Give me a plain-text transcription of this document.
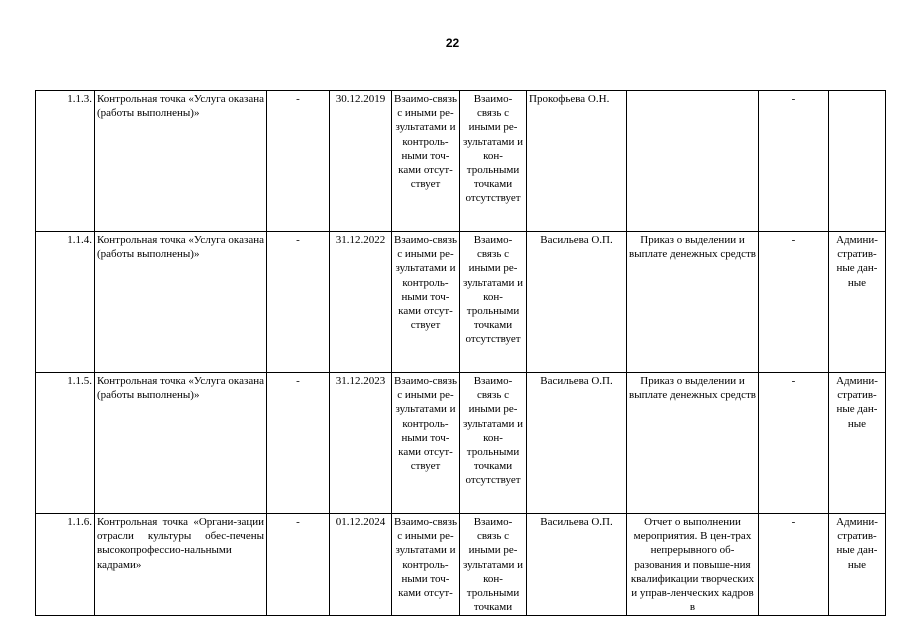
22
1.1.3.	Контрольная точка «Услуга оказана (работы выполнены)»	-	30.12.2019	Взаимо-связь с иными ре-зультатами и контроль-ными точ-ками отсут-ствует	Взаимо-связь с иными ре-зультатами и кон-трольными точками отсутствует	Прокофьева О.Н.		-	
1.1.4.	Контрольная точка «Услуга оказана (работы выполнены)»	-	31.12.2022	Взаимо-связь с иными ре-зультатами и контроль-ными точ-ками отсут-ствует	Взаимо-связь с иными ре-зультатами и кон-трольными точками отсутствует	Васильева О.П.	Приказ о выделении и выплате денежных средств	-	Админи-стратив-ные дан-ные
1.1.5.	Контрольная точка «Услуга оказана (работы выполнены)»	-	31.12.2023	Взаимо-связь с иными ре-зультатами и контроль-ными точ-ками отсут-ствует	Взаимо-связь с иными ре-зультатами и кон-трольными точками отсутствует	Васильева О.П.	Приказ о выделении и выплате денежных средств	-	Админи-стратив-ные дан-ные
1.1.6.	Контрольная точка «Органи-зации отрасли культуры обес-печены высокопрофессио-нальными кадрами»	-	01.12.2024	Взаимо-связь с иными ре-зультатами и контроль-ными точ-ками отсут-	Взаимо-связь с иными ре-зультатами и кон-трольными точками	Васильева О.П.	Отчет о выполнении мероприятия. В цен-трах непрерывного об-разования и повыше-ния квалификации творческих и управ-ленческих кадров в	-	Админи-стратив-ные дан-ные
